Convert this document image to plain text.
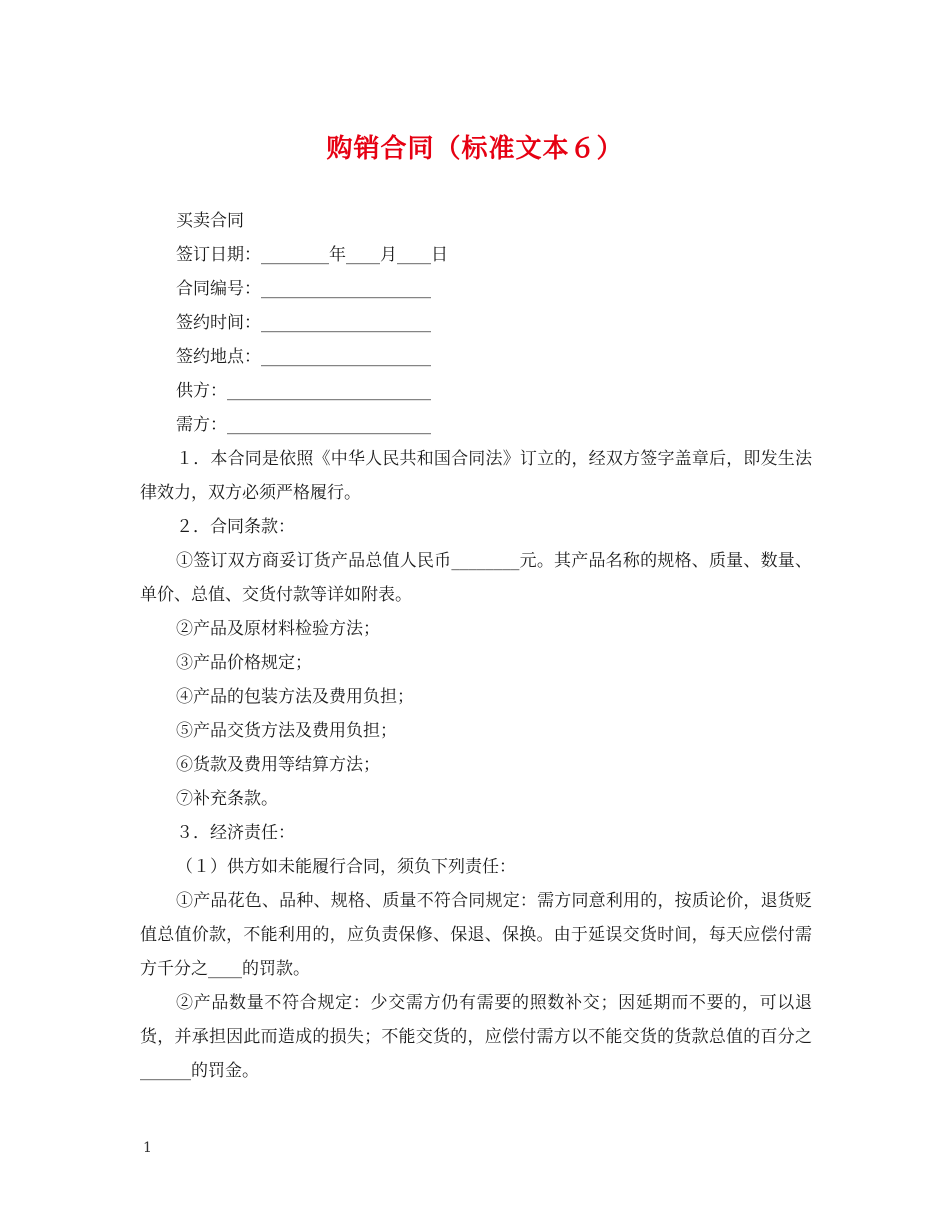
购销合同（标准文本６）
买卖合同
签订日期：________年____月____日
合同编号：____________________
签约时间：____________________
签约地点：____________________
供方：________________________
需方：________________________

１．本合同是依照《中华人民共和国合同法》订立的，经双方签字盖章后，即发生法律效力，双方必须严格履行。

２．合同条款：

①签订双方商妥订货产品总值人民币________元。其产品名称的规格、质量、数量、单价、总值、交货付款等详如附表。

②产品及原材料检验方法；

③产品价格规定；

④产品的包装方法及费用负担；

⑤产品交货方法及费用负担；

⑥货款及费用等结算方法；

⑦补充条款。

３．经济责任：

（１）供方如未能履行合同，须负下列责任：

①产品花色、品种、规格、质量不符合同规定：需方同意利用的，按质论价，退货贬值总值价款，不能利用的，应负责保修、保退、保换。由于延误交货时间，每天应偿付需方千分之____的罚款。

②产品数量不符合规定：少交需方仍有需要的照数补交；因延期而不要的，可以退货，并承担因此而造成的损失；不能交货的，应偿付需方以不能交货的货款总值的百分之______的罚金。

1
